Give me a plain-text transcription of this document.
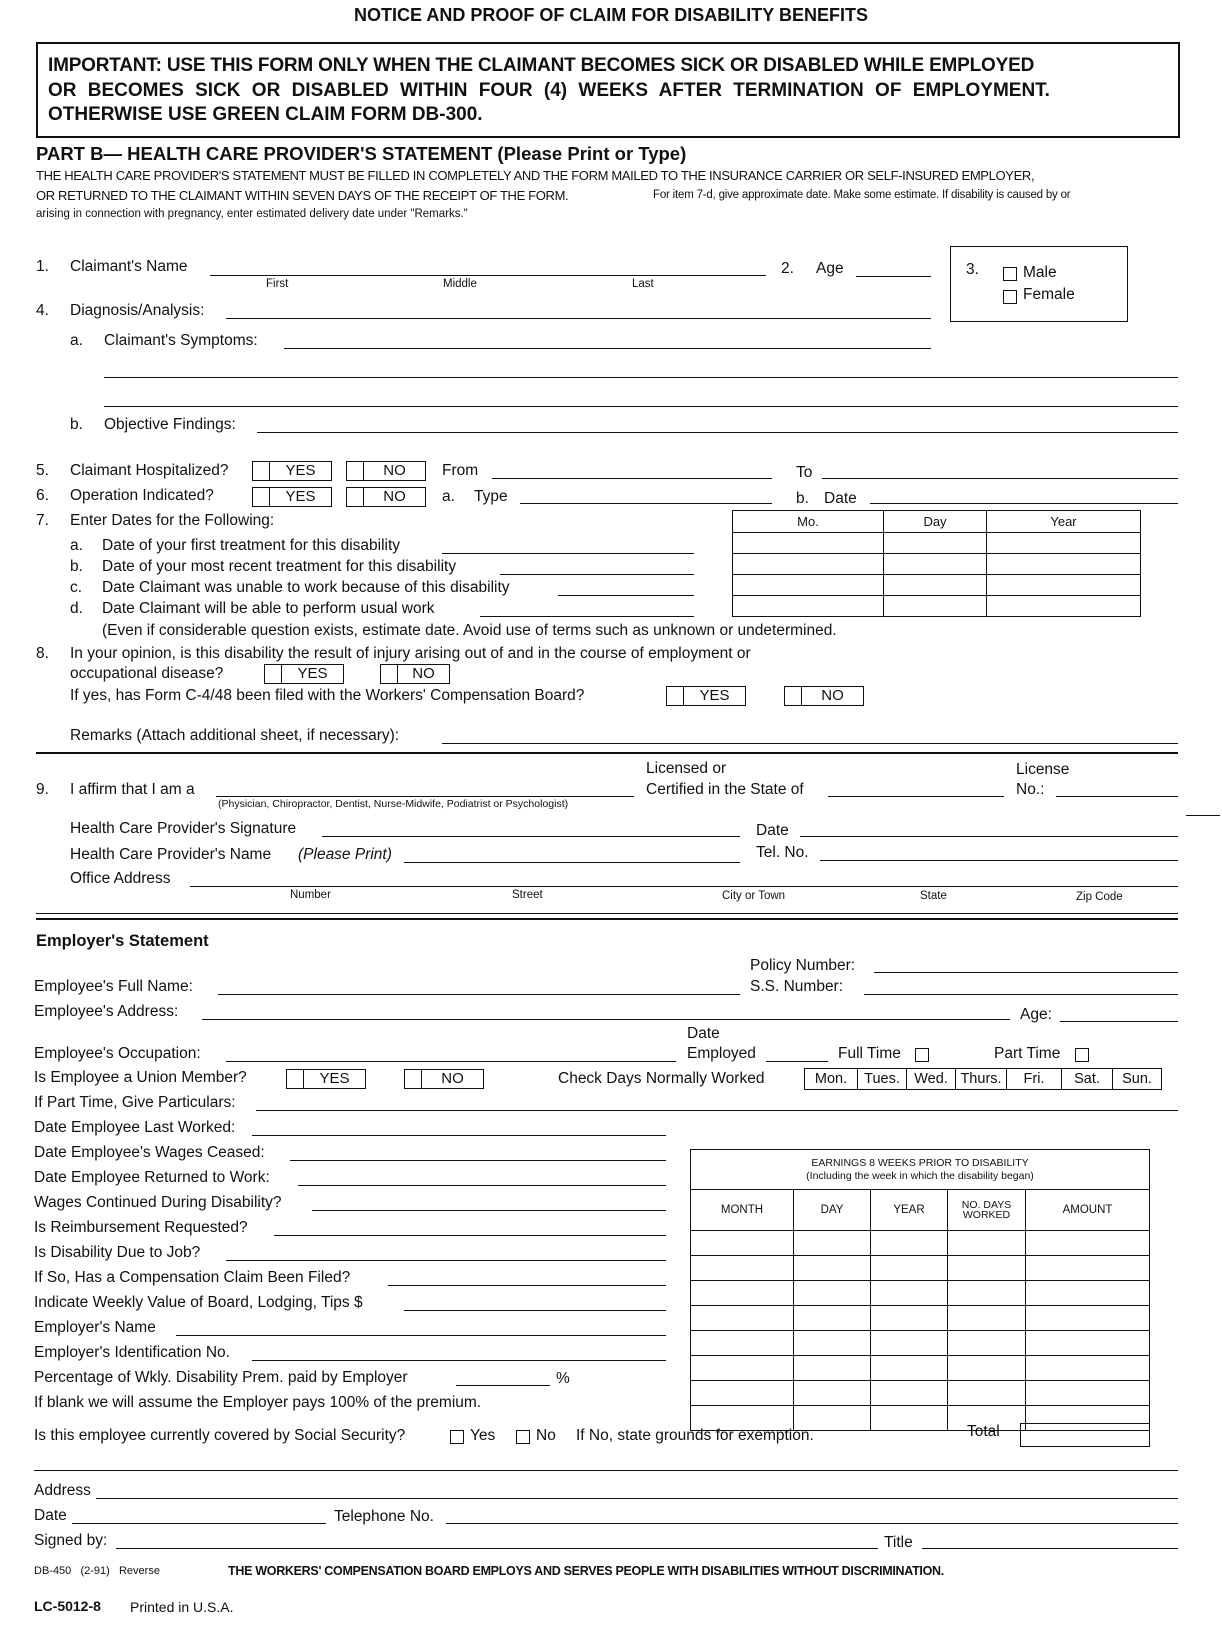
NOTICE AND PROOF OF CLAIM FOR DISABILITY BENEFITS
IMPORTANT: USE THIS FORM ONLY WHEN THE CLAIMANT BECOMES SICK OR DISABLED WHILE EMPLOYED
OR BECOMES SICK OR DISABLED WITHIN FOUR (4) WEEKS AFTER TERMINATION OF EMPLOYMENT.
OTHERWISE USE GREEN CLAIM FORM DB-300.
PART B— HEALTH CARE PROVIDER'S STATEMENT (Please Print or Type)
THE HEALTH CARE PROVIDER'S STATEMENT MUST BE FILLED IN COMPLETELY AND THE FORM MAILED TO THE INSURANCE CARRIER OR SELF-INSURED EMPLOYER,
OR RETURNED TO THE CLAIMANT WITHIN SEVEN DAYS OF THE RECEIPT OF THE FORM.	For item 7-d, give approximate date. Make some estimate. If disability is caused by or
arising in connection with pregnancy, enter estimated delivery date under "Remarks."
1. Claimant's Name
First	Middle	Last
2. Age	3.	Male
Female
4. Diagnosis/Analysis:
a. Claimant's Symptoms:
b. Objective Findings:
5. Claimant Hospitalized?	YES	NO	From	To
6. Operation Indicated?	YES	NO	a. Type	b. Date
7. Enter Dates for the Following:
a. Date of your first treatment for this disability
b. Date of your most recent treatment for this disability
c. Date Claimant was unable to work because of this disability
d. Date Claimant will be able to perform usual work
(Even if considerable question exists, estimate date. Avoid use of terms such as unknown or undetermined.
Mo.	Day	Year

8. In your opinion, is this disability the result of injury arising out of and in the course of employment or
occupational disease?	YES	NO
If yes, has Form C-4/48 been filed with the Workers' Compensation Board?	YES	NO
Remarks (Attach additional sheet, if necessary):
Licensed or	License
9. I affirm that I am a
(Physician, Chiropractor, Dentist, Nurse-Midwife, Podiatrist or Psychologist)
Certified in the State of	No.:
Health Care Provider's Signature	Date
Health Care Provider's Name (Please Print)	Tel. No.
Office Address
Number	Street	City or Town	State	Zip Code
Employer's Statement
Policy Number:
Employee's Full Name:	S.S. Number:
Employee's Address:	Age:
Date
Employee's Occupation:	Employed	Full Time	Part Time
Is Employee a Union Member?	YES	NO	Check Days Normally Worked	Mon.	Tues. Wed. Thurs.	Fri.	Sat.	Sun.
If Part Time, Give Particulars:
Date Employee Last Worked:
Date Employee's Wages Ceased:
Date Employee Returned to Work:
Wages Continued During Disability?
Is Reimbursement Requested?
Is Disability Due to Job?
If So, Has a Compensation Claim Been Filed?
Indicate Weekly Value of Board, Lodging, Tips $
Employer's Name
Employer's Identification No.
Percentage of Wkly. Disability Prem. paid by Employer	%
If blank we will assume the Employer pays 100% of the premium.
EARNINGS 8 WEEKS PRIOR TO DISABILITY
(Including the week in which the disability began)				

MONTH	DAY	YEAR	NO. DAYS WORKED	AMOUNT

Total
Is this employee currently covered by Social Security?	Yes	No If No, state grounds for exemption.
Address
Date	Telephone No.
Signed by:	Title
DB-450   (2-91)   Reverse	THE WORKERS' COMPENSATION BOARD EMPLOYS AND SERVES PEOPLE WITH DISABILITIES WITHOUT DISCRIMINATION.
LC-5012-8 Printed in U.S.A.
